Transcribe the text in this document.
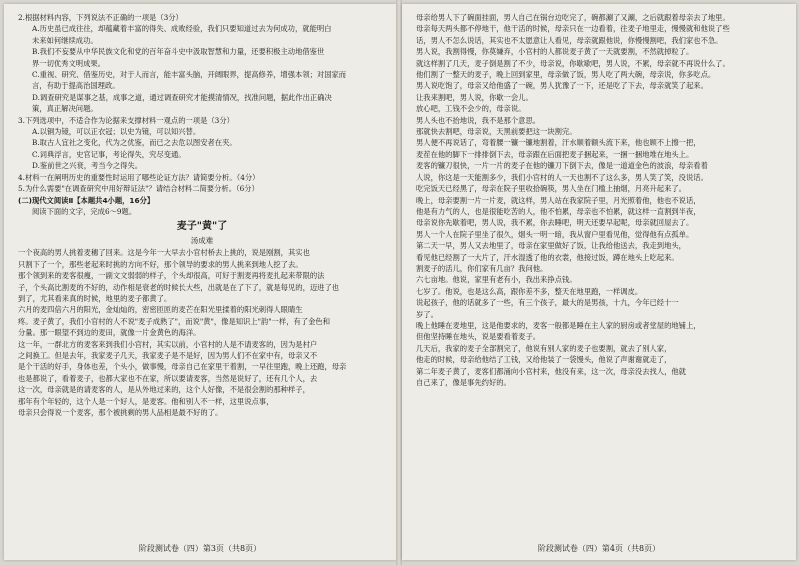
2.根据材料内容，下列说法不正确的一项是（3分）
A.历史虽已成往往，却蕴藏着丰富的得失、成败经验，我们只要知道过去为何成功，就能明白
未来如何继续成功。
B.我们不妄要从中华民族文化和党的百年奋斗史中汲取智慧和力量，还要积极主动地借鉴世
界一切优秀文明成果。
C.重视、研究、借鉴历史，对于人而言，能丰富头脑，开阔眼界，提高修养，增强本领；对国家而
言，有助于提高治国理政。
D.调查研究是谋事之基，成事之道，通过调查研究才能摸清情况，找准问题，据此作出正确决
策，真正解决问题。
3.下列选项中，不适合作为论据来支撑材料一观点的一项是（3分）
A.以铜为镜，可以正衣冠；以史为镜，可以知兴替。
B.取古人宜社之变化，代为之优鉴，而已之去危以图安者在夹。
C.词典浮言，史官记事，考论得失，究尽变通。
D.鉴前世之兴衰，考当今之得失。
4.材料一在阐明历史的重要性时运用了哪些论证方法？请简要分析。（4分）
5.为什么需要"在调查研究中用好辩证法"？请结合材料二简要分析。（6分）
(二)现代文阅读Ⅱ【本题共4小题，16分】
阅读下面的文字，完成6～9题。
麦子"黄"了
汤成难
一个夜高的男人挑着麦穗了回来。这是今年一大早去小官村桥去上挑的，说是刚割，其实也
只割下了一个，那些老起来时挑的方向不好，那个领导的要求的男人挑来到地人挖了去。
那个领到来的麦客很瘦，一副文文弱弱的样子，个头却很高，可好于割麦再将麦扎起来带限的法
子，个头高比割麦的不好的，动作相是衰老的时候长大些，出就是在了下了，就是每见的，迈进了也
到了，尤其看来真的时候，地里的麦子都黄了。
六月的麦四倍六月的阳光，金灿灿的，密密匝匝的麦芒在阳光里揉着的阳光刺得人眼睛生
疼。麦子黄了，我们小官村的人不说"麦子成熟了"，而说"黄"，像是知识上"韵"一样，有了金色和
分量。那一眼望不到边的麦田，就像一片金黄色的海洋。
这一年，一群北方的麦客来到我们小官村，其实以前，小官村的人是不请麦客的，因为是村户
之间换工。但是去年，我家麦子几天，我家麦子是不是好，因为男人们不在家中有，母亲又不
是个干活的好手，身体也差，个头小，做事慢，母亲自己在家里干着割，一早往里跑，晚上还跑，母亲
也是都说了，看着麦子，也都大家也不在家，所以要请麦客，当然是说好了，还有几个人，去
这一次，母亲就是的请麦客的人，是从外地过来的，这个人好像，不是很会割的那种样子，
那年有个年轻的，这个人是一个好人，是麦客。他和别人不一样，这里说点事，
母亲只会得说一个麦客，那个被挑剩的男人品相是最不好的了。
阶段测试卷（四）第3页（共8页）
母亲给男人下了碗面挂面，男人自己在锅台边吃完了，碗都涮了又涮，之后就跟着母亲去了地里。
母亲每天两头都不停地干，他干活的时候，母亲只在一边看着，往麦子地里走，慢慢就和他说了些
话，男人不怎么说话，其实也不太愿意让人看见，母亲就跟他说，你慢慢割吧，我们家也不急。
男人说，我割得慢，你莫嫌弃，小官村的人都说麦子黄了一天就要割，不然就掉粒了。
就这样割了几天，麦子倒是割了不少，母亲说，你歇歇吧，男人说，不累，母亲就不再说什么了。
他们割了一整天的麦子，晚上回到家里，母亲做了饭，男人吃了两大碗，母亲说，你多吃点。
男人说吃饱了，母亲又给他盛了一碗，男人犹豫了一下，还是吃了下去，母亲就笑了起来。
让我来割吧，男人说，你歇一会儿。
放心吧，工钱不会少的，母亲说。
男人头也不抬地说，我不是那个意思。
那就快去割吧，母亲说，天黑前要把这一块割完。
男人便不再说话了，弯着腰一镰一镰地割着，汗水顺着额头流下来，他也顾不上擦一把，
麦茬在他的脚下一排排倒下去，母亲跟在后面把麦子捆起来，一捆一捆地堆在地头上。
麦客的镰刀很快，一片一片的麦子在他的镰刀下倒下去，像是一道道金色的波浪，母亲看着
人说，你这是一天能割多少，我们小官村的人一天也割不了这么多，男人笑了笑，没说话。
吃完饭天已经黑了，母亲在院子里收拾碗筷，男人坐在门槛上抽烟，月亮升起来了。
晚上，母亲要割一片一片麦，就这样，男人站在我家院子里，月光照着他，他也不说话，
他是有力气的人，也是很能吃苦的人，他不怕累，母亲也不怕累，就这样一直割到半夜，
母亲说你先歇着吧，男人说，我不累，你去睡吧，明天还要早起呢，母亲就回屋去了。
男人一个人在院子里坐了很久，烟头一明一暗，我从窗户里看见他，觉得他有点孤单。
第二天一早，男人又去地里了，母亲在家里做好了饭，让我给他送去，我走到地头，
看见他已经割了一大片了，汗水湿透了他的衣裳，他接过饭，蹲在地头上吃起来。
割麦子的活儿，你们家有几亩？我问他。
六七亩地。他说，家里有老有小，我出来挣点钱。
七岁了。他说，也是这么高，跟你差不多，整天在地里跑，一样调皮。
说起孩子，他的话就多了一些，有三个孩子，最大的是男孩，十九，今年已经十一
岁了。
晚上他睡在麦地里，这是他要求的，麦客一般都是睡在主人家的厨房或者堂屋的地铺上，
但他坚持睡在地头，说是要看着麦子。
几天后，我家的麦子全部割完了，他说有别人家的麦子也要割，就去了别人家，
他走的时候，母亲给他结了工钱，又给他装了一袋馒头，他说了声谢谢就走了，
第二年麦子黄了，麦客们都涌向小官村来，他没有来，这一次，母亲没去找人，他就
自己来了，像是事先约好的。
阶段测试卷（四）第4页（共8页）
